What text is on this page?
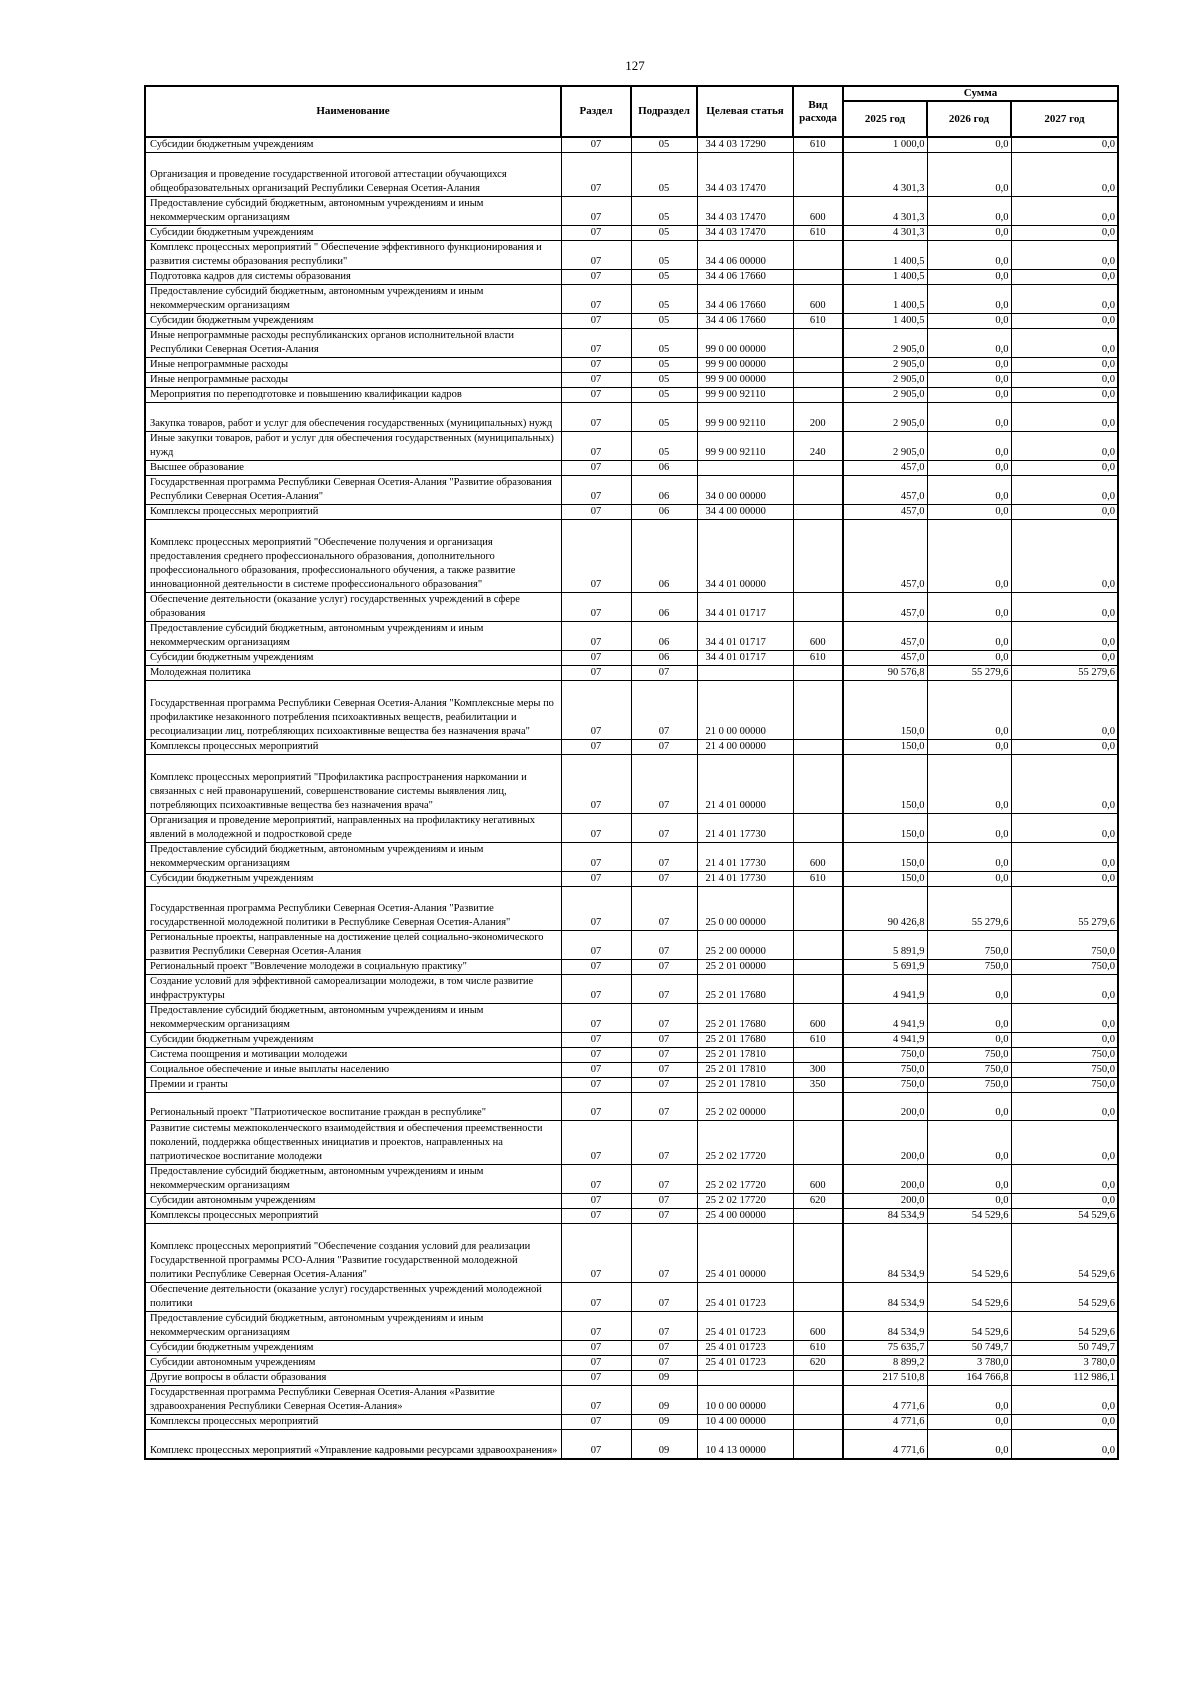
127
Наименование	Раздел	Подраздел	Целевая статья	Вид расхода	Сумма		
					2025 год	2026 год	2027 год
Субсидии бюджетным учреждениям	07	05	34 4 03 17290	610	1 000,0	0,0	0,0
Организация и проведение государственной итоговой аттестации обучающихся общеобразовательных организаций Республики Северная Осетия-Алания	07	05	34 4 03 17470		4 301,3	0,0	0,0
Предоставление субсидий бюджетным, автономным учреждениям и иным некоммерческим организациям	07	05	34 4 03 17470	600	4 301,3	0,0	0,0
Субсидии бюджетным учреждениям	07	05	34 4 03 17470	610	4 301,3	0,0	0,0
Комплекс процессных мероприятий " Обеспечение эффективного функционирования и развития системы образования республики"	07	05	34 4 06 00000		1 400,5	0,0	0,0
Подготовка кадров для системы образования	07	05	34 4 06 17660		1 400,5	0,0	0,0
Предоставление субсидий бюджетным, автономным учреждениям и иным некоммерческим организациям	07	05	34 4 06 17660	600	1 400,5	0,0	0,0
Субсидии бюджетным учреждениям	07	05	34 4 06 17660	610	1 400,5	0,0	0,0
Иные непрограммные расходы республиканских органов исполнительной власти Республики Северная Осетия-Алания	07	05	99 0 00 00000		2 905,0	0,0	0,0
Иные непрограммные расходы	07	05	99 9 00 00000		2 905,0	0,0	0,0
Иные непрограммные расходы	07	05	99 9 00 00000		2 905,0	0,0	0,0
Мероприятия по переподготовке и повышению квалификации кадров	07	05	99 9 00 92110		2 905,0	0,0	0,0
Закупка товаров, работ и услуг для обеспечения государственных (муниципальных) нужд	07	05	99 9 00 92110	200	2 905,0	0,0	0,0
Иные закупки товаров, работ и услуг для обеспечения государственных (муниципальных) нужд	07	05	99 9 00 92110	240	2 905,0	0,0	0,0
Высшее образование	07	06			457,0	0,0	0,0
Государственная программа Республики Северная Осетия-Алания "Развитие образования Республики Северная Осетия-Алания"	07	06	34 0 00 00000		457,0	0,0	0,0
Комплексы процессных мероприятий	07	06	34 4 00 00000		457,0	0,0	0,0
Комплекс процессных мероприятий "Обеспечение получения и организация предоставления среднего профессионального образования, дополнительного профессионального образования, профессионального обучения, а также развитие инновационной деятельности в системе профессионального образования"	07	06	34 4 01 00000		457,0	0,0	0,0
Обеспечение деятельности (оказание услуг) государственных учреждений в сфере образования	07	06	34 4 01 01717		457,0	0,0	0,0
Предоставление субсидий бюджетным, автономным учреждениям и иным некоммерческим организациям	07	06	34 4 01 01717	600	457,0	0,0	0,0
Субсидии бюджетным учреждениям	07	06	34 4 01 01717	610	457,0	0,0	0,0
Молодежная политика	07	07			90 576,8	55 279,6	55 279,6
Государственная программа Республики Северная Осетия-Алания "Комплексные меры по профилактике незаконного потребления психоактивных веществ, реабилитации и ресоциализации лиц, потребляющих психоактивные вещества без назначения врача"	07	07	21 0 00 00000		150,0	0,0	0,0
Комплексы процессных мероприятий	07	07	21 4 00 00000		150,0	0,0	0,0
Комплекс процессных мероприятий "Профилактика распространения наркомании и связанных с ней правонарушений, совершенствование системы выявления лиц, потребляющих психоактивные вещества без назначения врача"	07	07	21 4 01 00000		150,0	0,0	0,0
Организация и проведение мероприятий, направленных на профилактику негативных явлений в молодежной и подростковой среде	07	07	21 4 01 17730		150,0	0,0	0,0
Предоставление субсидий бюджетным, автономным учреждениям и иным некоммерческим организациям	07	07	21 4 01 17730	600	150,0	0,0	0,0
Субсидии бюджетным учреждениям	07	07	21 4 01 17730	610	150,0	0,0	0,0
Государственная программа Республики Северная Осетия-Алания "Развитие государственной молодежной политики в Республике Северная Осетия-Алания"	07	07	25 0 00 00000		90 426,8	55 279,6	55 279,6
Региональные проекты, направленные на достижение целей социально-экономического развития Республики Северная Осетия-Алания	07	07	25 2 00 00000		5 891,9	750,0	750,0
Региональный проект "Вовлечение молодежи в социальную практику"	07	07	25 2 01 00000		5 691,9	750,0	750,0
Создание условий для эффективной самореализации молодежи, в том числе развитие инфраструктуры	07	07	25 2 01 17680		4 941,9	0,0	0,0
Предоставление субсидий бюджетным, автономным учреждениям и иным некоммерческим организациям	07	07	25 2 01 17680	600	4 941,9	0,0	0,0
Субсидии бюджетным учреждениям	07	07	25 2 01 17680	610	4 941,9	0,0	0,0
Система поощрения и мотивации молодежи	07	07	25 2 01 17810		750,0	750,0	750,0
Социальное обеспечение и иные выплаты населению	07	07	25 2 01 17810	300	750,0	750,0	750,0
Премии и гранты	07	07	25 2 01 17810	350	750,0	750,0	750,0
Региональный проект "Патриотическое воспитание граждан в республике"	07	07	25 2 02 00000		200,0	0,0	0,0
Развитие системы межпоколенческого взаимодействия и обеспечения преемственности поколений, поддержка общественных инициатив и проектов, направленных на патриотическое воспитание молодежи	07	07	25 2 02 17720		200,0	0,0	0,0
Предоставление субсидий бюджетным, автономным учреждениям и иным некоммерческим организациям	07	07	25 2 02 17720	600	200,0	0,0	0,0
Субсидии автономным учреждениям	07	07	25 2 02 17720	620	200,0	0,0	0,0
Комплексы процессных мероприятий	07	07	25 4 00 00000		84 534,9	54 529,6	54 529,6
Комплекс процессных мероприятий "Обеспечение создания условий для реализации Государственной программы РСО-Алния "Развитие государственной молодежной политики Республике Северная Осетия-Алания"	07	07	25 4 01 00000		84 534,9	54 529,6	54 529,6
Обеспечение деятельности (оказание услуг) государственных учреждений молодежной политики	07	07	25 4 01 01723		84 534,9	54 529,6	54 529,6
Предоставление субсидий бюджетным, автономным учреждениям и иным некоммерческим организациям	07	07	25 4 01 01723	600	84 534,9	54 529,6	54 529,6
Субсидии бюджетным учреждениям	07	07	25 4 01 01723	610	75 635,7	50 749,7	50 749,7
Субсидии автономным учреждениям	07	07	25 4 01 01723	620	8 899,2	3 780,0	3 780,0
Другие вопросы в области образования	07	09			217 510,8	164 766,8	112 986,1
Государственная программа Республики Северная Осетия-Алания «Развитие здравоохранения Республики Северная Осетия-Алания»	07	09	10 0 00 00000		4 771,6	0,0	0,0
Комплексы процессных мероприятий	07	09	10 4 00 00000		4 771,6	0,0	0,0
Комплекс процессных мероприятий «Управление кадровыми ресурсами здравоохранения»	07	09	10 4 13 00000		4 771,6	0,0	0,0
